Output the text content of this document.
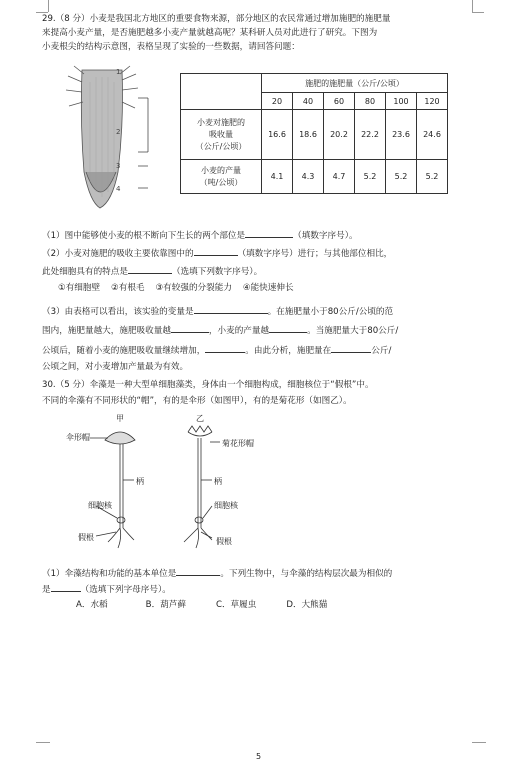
29.（8 分）小麦是我国北方地区的重要食物来源，部分地区的农民常通过增加施肥的施肥量
来提高小麦产量，是否施肥越多小麦产量就越高呢？某科研人员对此进行了研究。下图为
小麦根尖的结构示意图，表格呈现了实验的一些数据，请回答问题：
1
2
3
4
	施肥的施肥量（公斤/公顷）					
	20	40	60	80	100	120

小麦对施肥的
吸收量
（公斤/公顷）	16.6	18.6	20.2	22.2	23.6	24.6

小麦的产量
（吨/公顷）	4.1	4.3	4.7	5.2	5.2	5.2
（1）图中能够使小麦的根不断向下生长的两个部位是	（填数字序号）。
（2）小麦对施肥的吸收主要依靠图中的	（填数字序号）进行；与其他部位相比，
此处细胞具有的特点是	（选填下列数字序号）。
①有细胞壁 ②有根毛 ③有较强的分裂能力 ④能快速伸长
（3）由表格可以看出，该实验的变量是	。在施肥量小于80公斤/公顷的范
围内，施肥量越大，施肥吸收量越	，小麦的产量越	。当施肥量大于80公斤/
公顷后，随着小麦的施肥吸收量继续增加，	。由此分析，施肥量在	公斤/
公顷之间，对小麦增加产量最为有效。
30.（5 分）伞藻是一种大型单细胞藻类，身体由一个细胞构成，细胞核位于“假根”中。
不同的伞藻有不同形状的“帽”，有的是伞形（如图甲），有的是菊花形（如图乙）。
甲	乙
伞形帽
菊花形帽
柄	柄
细胞核	细胞核
假根	假根
（1）伞藻结构和功能的基本单位是	。下列生物中，与伞藻的结构层次最为相似的
是	（选填下列字母序号）。
A．水稻	B．葫芦藓	C．草履虫	D．大熊猫
5
